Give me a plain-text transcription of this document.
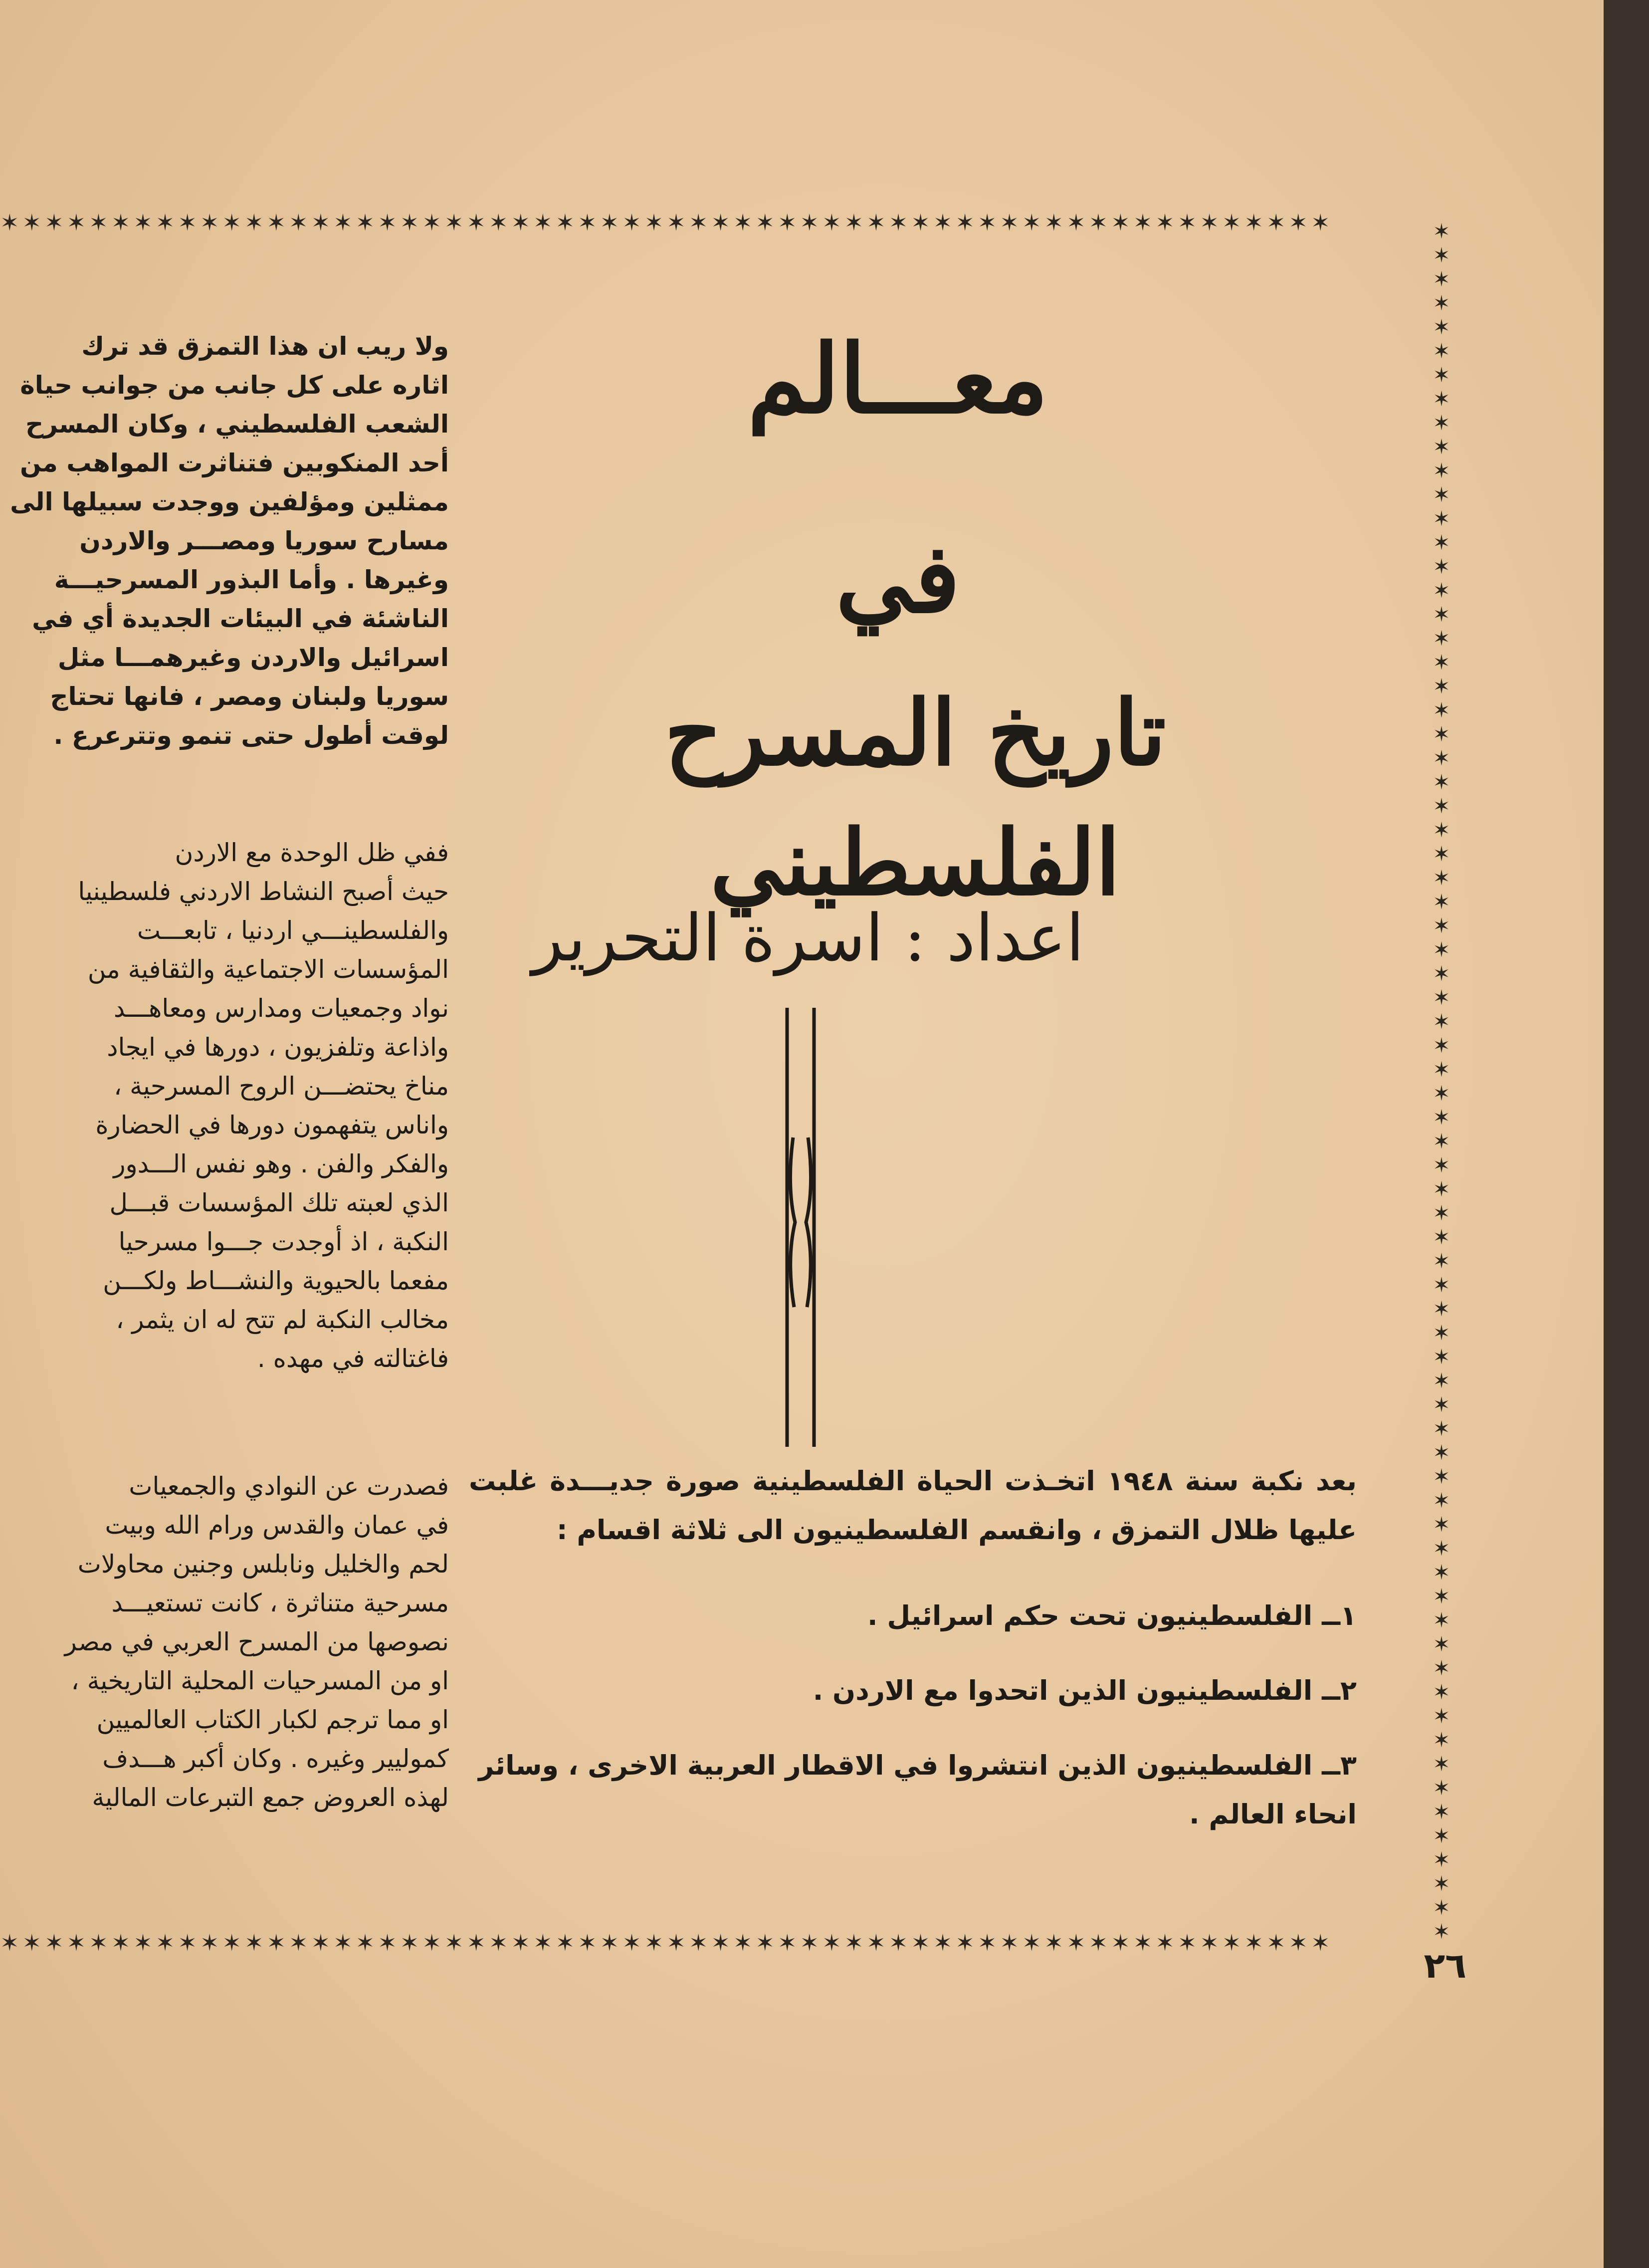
✶✶✶✶✶✶✶✶✶✶✶✶✶✶✶✶✶✶✶✶✶✶✶✶✶✶✶✶✶✶✶✶✶✶✶✶✶✶✶✶✶✶✶✶✶✶✶✶✶✶✶✶✶✶✶✶✶✶✶✶
✶✶✶✶✶✶✶✶✶✶✶✶✶✶✶✶✶✶✶✶✶✶✶✶✶✶✶✶✶✶✶✶✶✶✶✶✶✶✶✶✶✶✶✶✶✶✶✶✶✶✶✶✶✶✶✶✶✶✶✶
✶✶✶✶✶✶✶✶✶✶✶✶✶✶✶✶✶✶✶✶✶✶✶✶✶✶✶✶✶✶✶✶✶✶✶✶✶✶✶✶✶✶✶✶✶✶✶✶✶✶✶✶✶✶✶✶✶✶✶✶✶✶✶✶✶✶✶✶✶✶✶✶
ولا ريب ان هذا التمزق قد ترك
اثاره على كل جانب من جوانب حياة
الشعب الفلسطيني ، وكان المسرح
أحد المنكوبين فتناثرت المواهب من
ممثلين ومؤلفين ووجدت سبيلها الى
مسارح سوريا ومصـــر والاردن
وغيرها . وأما البذور المسرحيـــة
الناشئة في البيئات الجديدة أي في
اسرائيل والاردن وغيرهمـــا مثل
سوريا ولبنان ومصر ، فانها تحتاج
لوقت أطول حتى تنمو وتترعرع .
ففي ظل الوحدة مع الاردن
حيث أصبح النشاط الاردني فلسطينيا
والفلسطينـــي اردنيا ، تابعـــت
المؤسسات الاجتماعية والثقافية من
نواد وجمعيات ومدارس ومعاهـــد
واذاعة وتلفزيون ، دورها في ايجاد
مناخ يحتضـــن الروح المسرحية ،
واناس يتفهمون دورها في الحضارة
والفكر والفن . وهو نفس الـــدور
الذي لعبته تلك المؤسسات قبـــل
النكبة ، اذ أوجدت جـــوا مسرحيا
مفعما بالحيوية والنشـــاط ولكـــن
مخالب النكبة لم تتح له ان يثمر ،
فاغتالته في مهده .
فصدرت عن النوادي والجمعيات
في عمان والقدس ورام الله وبيت
لحم والخليل ونابلس وجنين محاولات
مسرحية متناثرة ، كانت تستعيـــد
نصوصها من المسرح العربي في مصر
او من المسرحيات المحلية التاريخية ،
او مما ترجم لكبار الكتاب العالميين
كموليير وغيره . وكان أكبر هـــدف
لهذه العروض جمع التبرعات المالية
معـــالم
في
تاريخ المسرح الفلسطيني
اعداد : اسرة التحرير
بعد نكبة سنة ١٩٤٨ اتخـذت الحياة الفلسطينية صورة جديـــدة غلبت عليها ظلال التمزق ، وانقسم الفلسطينيون الى ثلاثة اقسام :
١ــ الفلسطينيون تحت حكم اسرائيل .
٢ــ الفلسطينيون الذين اتحدوا مع الاردن .
٣ــ الفلسطينيون الذين انتشروا في الاقطار العربية الاخرى ، وسائر انحاء العالم .
٢٦
